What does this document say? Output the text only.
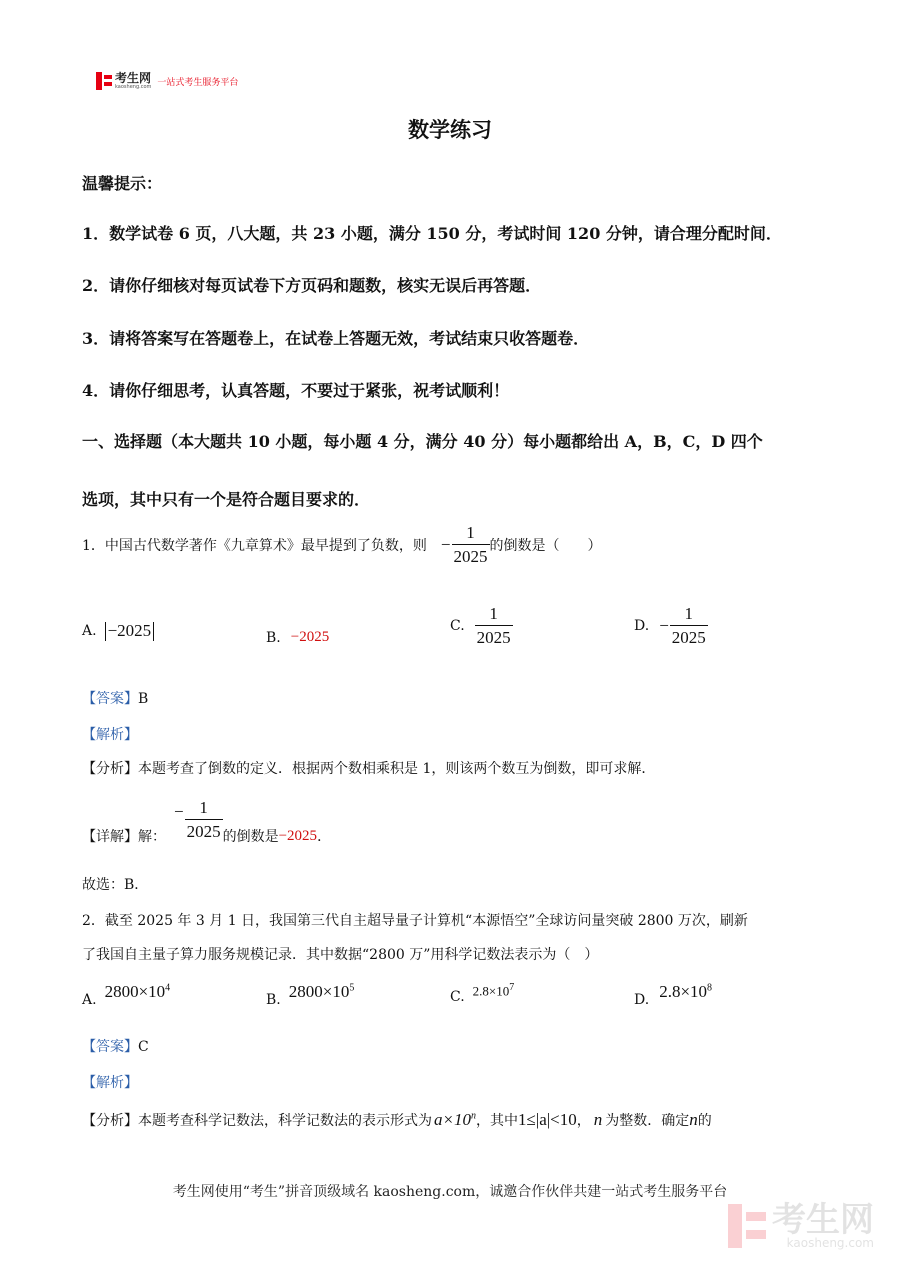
考生网
kaosheng.com 一站式考生服务平台
数学练习
温馨提示：
1．数学试卷 6 页，八大题，共 23 小题，满分 150 分，考试时间 120 分钟，请合理分配时间．
2．请你仔细核对每页试卷下方页码和题数，核实无误后再答题．
3．请将答案写在答题卷上，在试卷上答题无效，考试结束只收答题卷．
4．请你仔细思考，认真答题，不要过于紧张，祝考试顺利！
一、选择题（本大题共 10 小题，每小题 4 分，满分 40 分）每小题都给出 A，B，C，D 四个
选项，其中只有一个是符合题目要求的．
1．中国古代数学著作《九章算术》最早提到了负数，则 − $\frac{1}{2025}$ 的倒数是（　　）
A. −2025	B. −2025
C. $\frac{1}{2025}$	D. − $\frac{1}{2025}$
【答案】B
【解析】
【分析】本题考查了倒数的定义．根据两个数相乘积是 1，则该两个数互为倒数，即可求解．
【详解】 解：
− $\frac{1}{2025}$ 的倒数是 −2025 ．
故选：B．
2．截至 2025 年 3 月 1 日，我国第三代自主超导量子计算机“本源悟空”全球访问量突破 2800 万次，刷新
了我国自主量子算力服务规模记录．其中数据“2800 万”用科学记数法表示为（　）
A. $2800\times 10^4$
B. $2800\times 10^5$
C. $2.8\times 10^7$
D. $2.8\times 10^8$
【答案】C
【解析】
【分析】 本题考查科学记数法，科学记数法的表示形式为 $a\times 10^n$ ，其中 1≤|a|<10 ， n 为整数．确定 n 的
考生网使用“考生”拼音顶级域名 kaosheng.com，诚邀合作伙伴共建一站式考生服务平台
考生网
kaosheng.com
